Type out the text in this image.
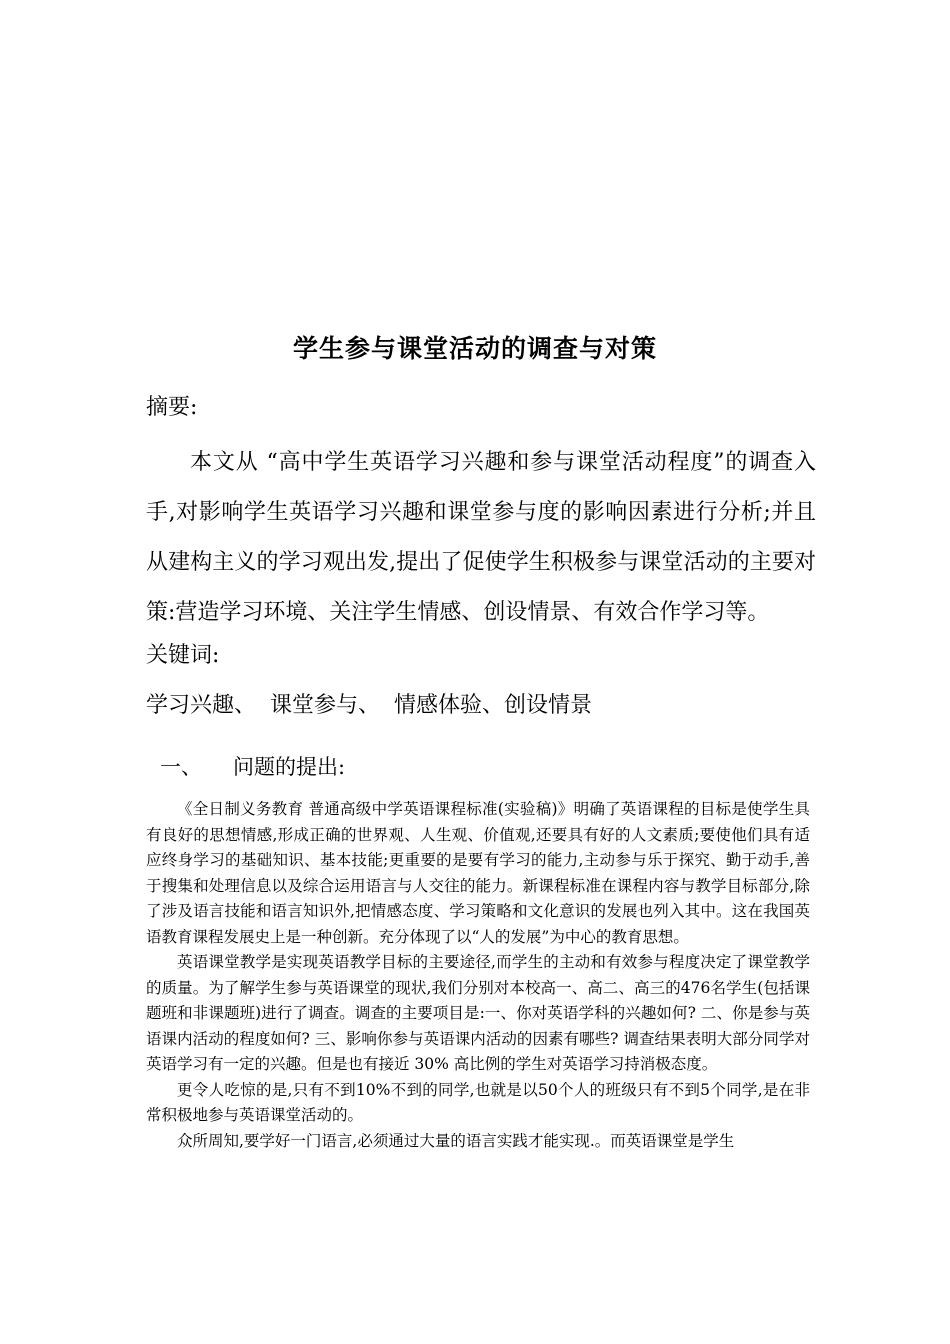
学生参与课堂活动的调查与对策
摘要:
本文从 “高中学生英语学习兴趣和参与课堂活动程度”的调查入手,对影响学生英语学习兴趣和课堂参与度的影响因素进行分析;并且从建构主义的学习观出发,提出了促使学生积极参与课堂活动的主要对策:营造学习环境、关注学生情感、创设情景、有效合作学习等。
关键词:
学习兴趣、  课堂参与、  情感体验、创设情景
一、 问题的提出:

《全日制义务教育 普通高级中学英语课程标准(实验稿)》明确了英语课程的目标是使学生具有良好的思想情感,形成正确的世界观、人生观、价值观,还要具有好的人文素质;要使他们具有适应终身学习的基础知识、基本技能;更重要的是要有学习的能力,主动参与乐于探究、勤于动手,善于搜集和处理信息以及综合运用语言与人交往的能力。新课程标准在课程内容与教学目标部分,除了涉及语言技能和语言知识外,把情感态度、学习策略和文化意识的发展也列入其中。这在我国英语教育课程发展史上是一种创新。充分体现了以“人的发展”为中心的教育思想。

英语课堂教学是实现英语教学目标的主要途径,而学生的主动和有效参与程度决定了课堂教学的质量。为了解学生参与英语课堂的现状,我们分别对本校高一、高二、高三的476名学生(包括课题班和非课题班)进行了调查。调查的主要项目是:一、你对英语学科的兴趣如何? 二、你是参与英语课内活动的程度如何? 三、影响你参与英语课内活动的因素有哪些? 调查结果表明大部分同学对英语学习有一定的兴趣。但是也有接近 30% 高比例的学生对英语学习持消极态度。

更令人吃惊的是,只有不到10%不到的同学,也就是以50个人的班级只有不到5个同学,是在非常积极地参与英语课堂活动的。

众所周知,要学好一门语言,必须通过大量的语言实践才能实现.。而英语课堂是学生
